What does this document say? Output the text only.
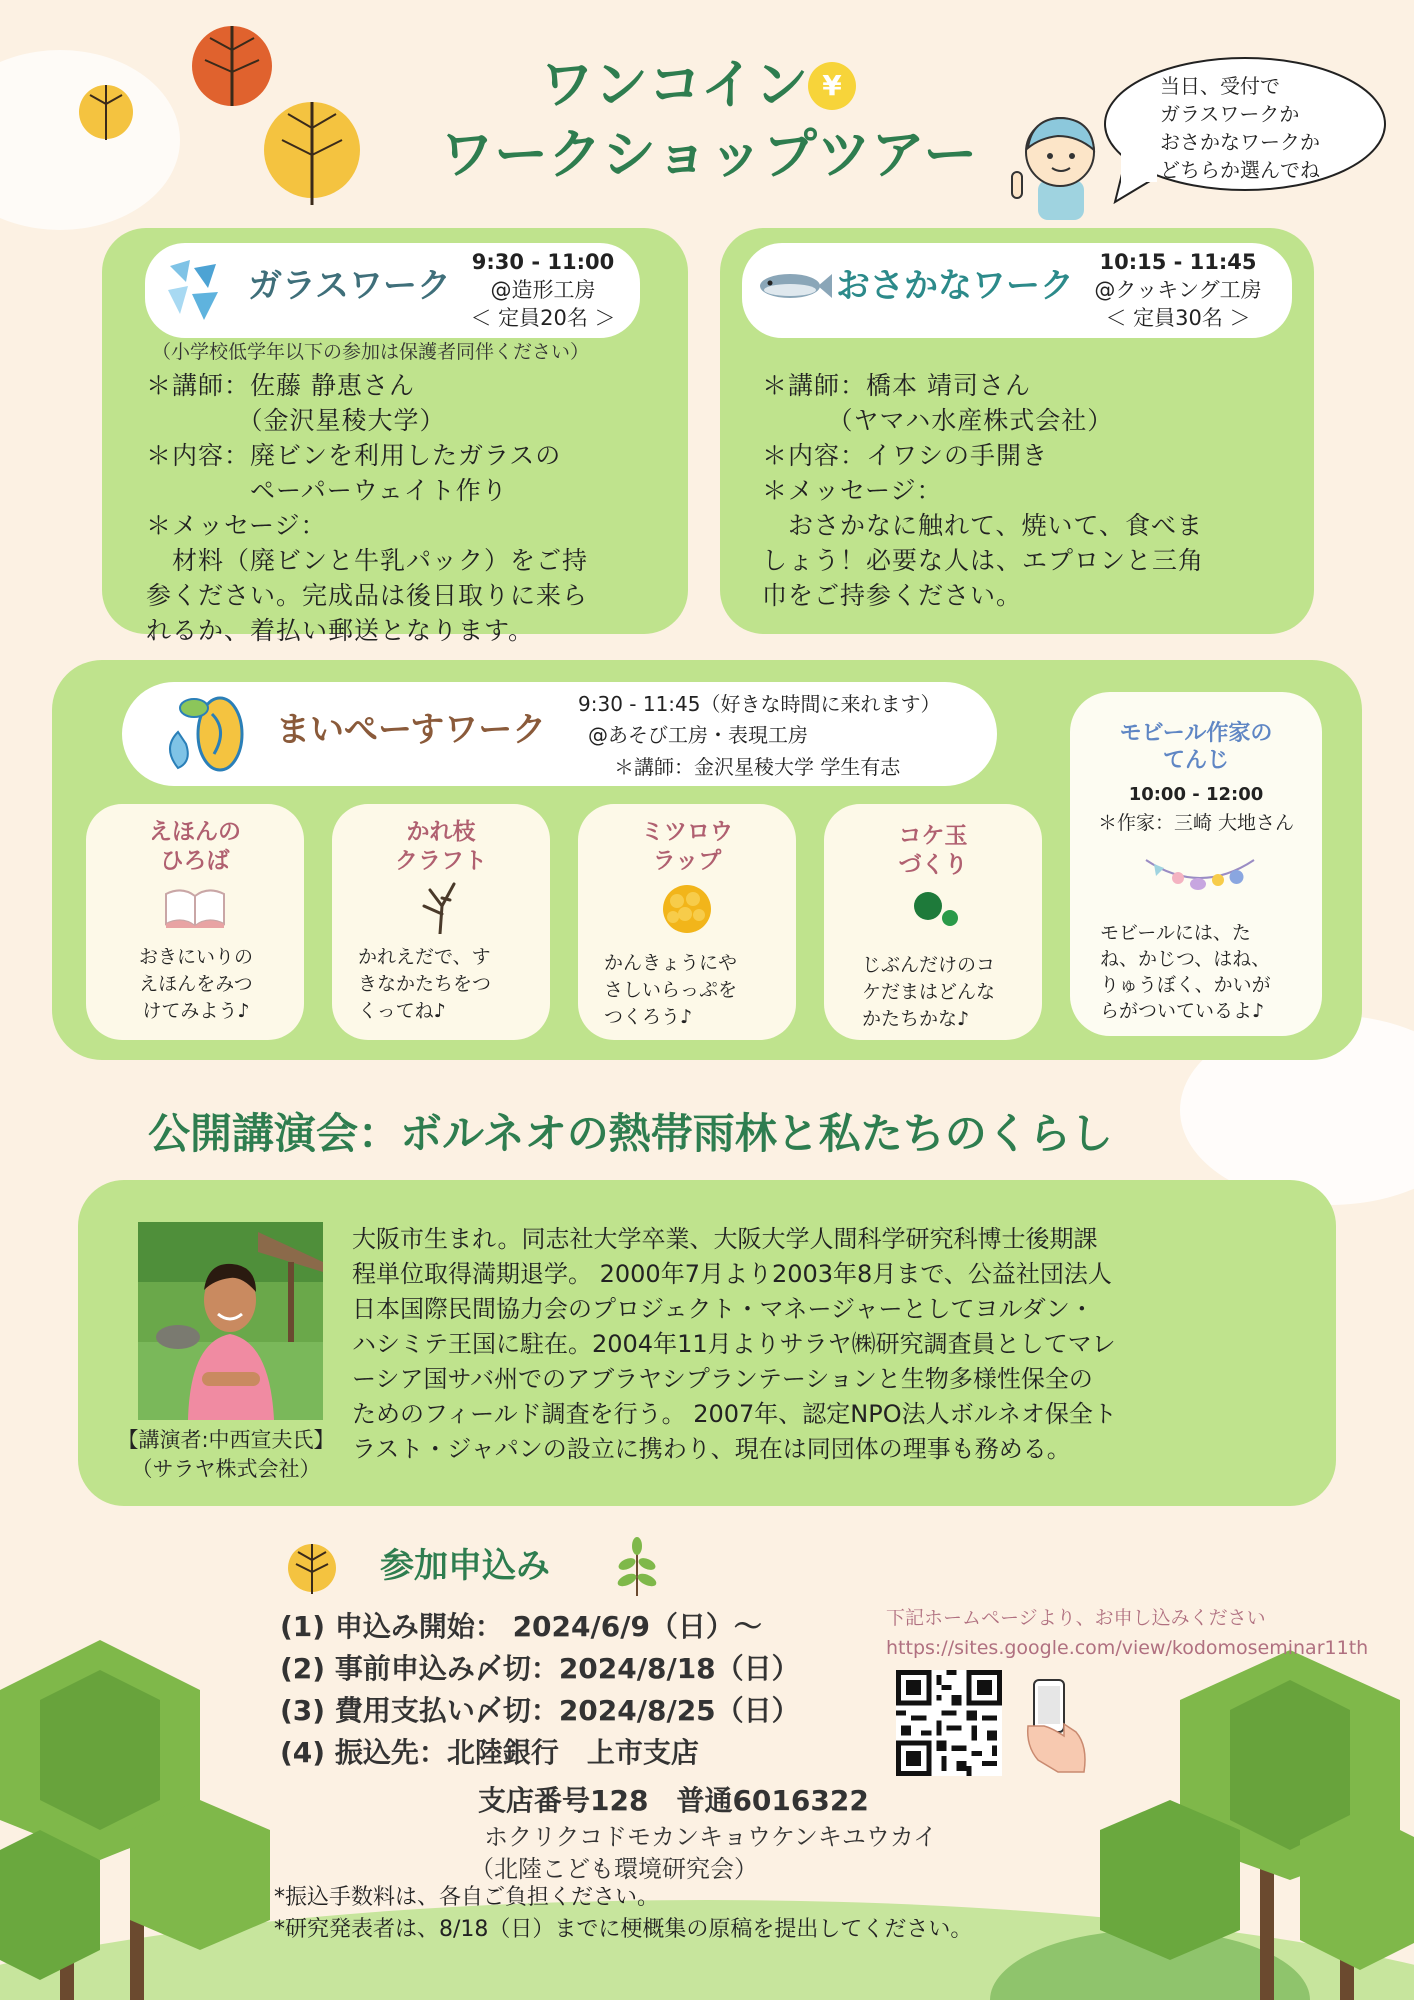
ワンコイン ¥
ワークショップツアー
当日、受付で
ガラスワークか
おさかなワークか
どちらか選んでね
ガラスワーク
9:30 - 11:00
@造形工房
＜ 定員20名 ＞
（小学校低学年以下の参加は保護者同伴ください）
＊講師：佐藤 静恵さん
　　　　（金沢星稜大学）
＊内容：廃ビンを利用したガラスの
　　　　ペーパーウェイト作り
＊メッセージ：
　材料（廃ビンと牛乳パック）をご持
参ください。完成品は後日取りに来ら
れるか、着払い郵送となります。
おさかなワーク
10:15 - 11:45
@クッキング工房
＜ 定員30名 ＞
＊講師：橋本 靖司さん
　　　（ヤマハ水産株式会社）
＊内容：イワシの手開き
＊メッセージ：
　おさかなに触れて、焼いて、食べま
しょう！必要な人は、エプロンと三角
巾をご持参ください。
まいぺーすワーク
9:30 - 11:45（好きな時間に来れます）
@あそび工房・表現工房
＊講師：金沢星稜大学 学生有志
えほんの
ひろば
おきにいりの
えほんをみつ
けてみよう♪
かれ枝
クラフト
かれえだで、す
きなかたちをつ
くってね♪
ミツロウ
ラップ
かんきょうにや
さしいらっぷを
つくろう♪
コケ玉
づくり
じぶんだけのコ
ケだまはどんな
かたちかな♪
モビール作家の
てんじ
10:00 - 12:00
＊作家：三崎 大地さん
モビールには、た
ね、かじつ、はね、
りゅうぼく、かいが
らがついているよ♪
公開講演会：ボルネオの熱帯雨林と私たちのくらし
【講演者:中西宣夫氏】
（サラヤ株式会社）
大阪市生まれ。同志社大学卒業、大阪大学人間科学研究科博士後期課
程単位取得満期退学。 2000年7月より2003年8月まで、公益社団法人
日本国際民間協力会のプロジェクト・マネージャーとしてヨルダン・
ハシミテ王国に駐在。2004年11月よりサラヤ㈱研究調査員としてマレ
ーシア国サバ州でのアブラヤシプランテーションと生物多様性保全の
ためのフィールド調査を行う。 2007年、認定NPO法人ボルネオ保全ト
ラスト・ジャパンの設立に携わり、現在は同団体の理事も務める。
参加申込み
(1) 申込み開始： 2024/6/9（日）～
(2) 事前申込み〆切：2024/8/18（日）
(3) 費用支払い〆切：2024/8/25（日）
(4) 振込先：北陸銀行　上市支店
支店番号128　普通6016322
ホクリクコドモカンキョウケンキユウカイ
（北陸こども環境研究会）
*振込手数料は、各自ご負担ください。
*研究発表者は、8/18（日）までに梗概集の原稿を提出してください。
下記ホームページより、お申し込みください
https://sites.google.com/view/kodomoseminar11th
